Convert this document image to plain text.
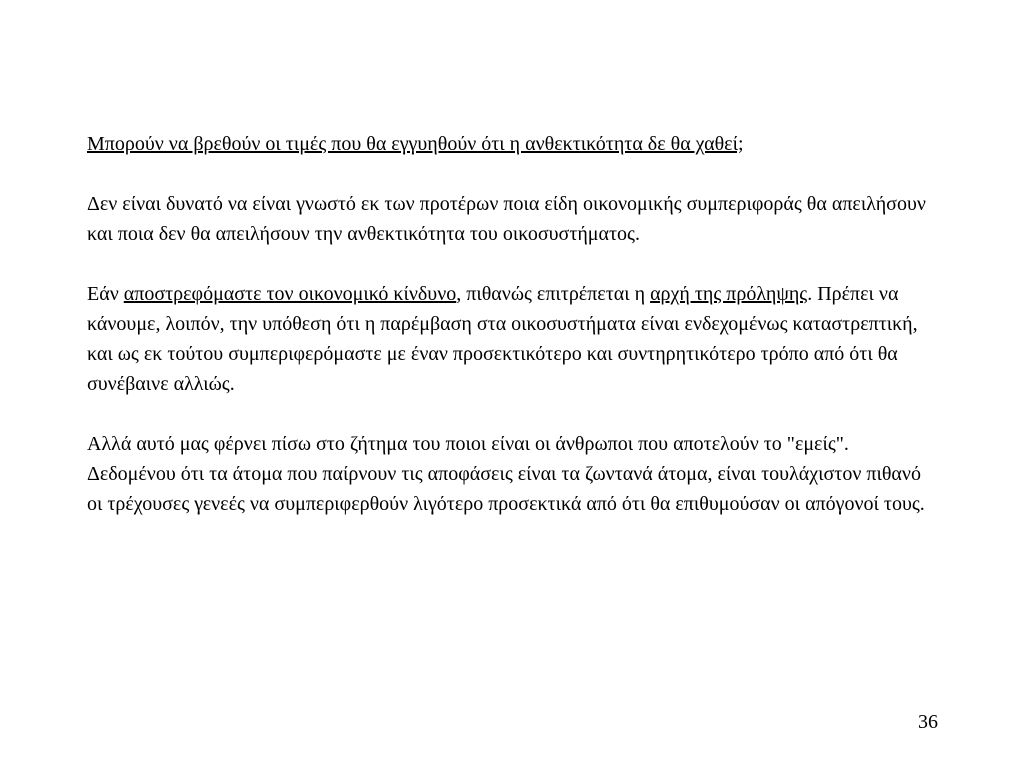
Μπορούν να βρεθούν οι τιμές που θα εγγυηθούν ότι η ανθεκτικότητα δε θα χαθεί;

Δεν είναι δυνατό να είναι γνωστό εκ των προτέρων ποια είδη οικονομικής συμπεριφοράς θα απειλήσουν και ποια δεν θα απειλήσουν την ανθεκτικότητα του οικοσυστήματος.

Εάν αποστρεφόμαστε τον οικονομικό κίνδυνο, πιθανώς επιτρέπεται η αρχή της πρόληψης. Πρέπει να κάνουμε, λοιπόν, την υπόθεση ότι η παρέμβαση στα οικοσυστήματα είναι ενδεχομένως καταστρεπτική, και ως εκ τούτου συμπεριφερόμαστε με έναν προσεκτικότερο και συντηρητικότερο τρόπο από ότι θα συνέβαινε αλλιώς.

Αλλά αυτό μας φέρνει πίσω στο ζήτημα του ποιοι είναι οι άνθρωποι που αποτελούν το "εμείς". Δεδομένου ότι τα άτομα που παίρνουν τις αποφάσεις είναι τα ζωντανά άτομα, είναι τουλάχιστον πιθανό οι τρέχουσες γενεές να συμπεριφερθούν λιγότερο προσεκτικά από ότι θα επιθυμούσαν οι απόγονοί τους.

36
